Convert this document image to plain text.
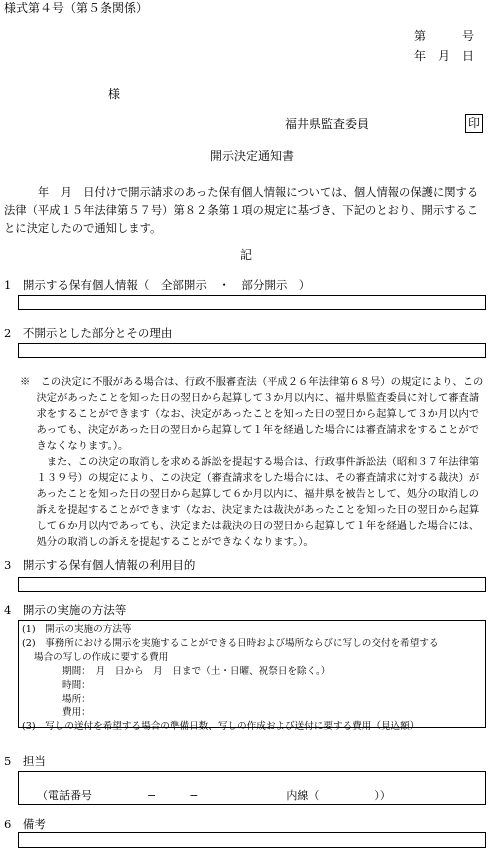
様式第４号（第５条関係）
第　　　号
年　月　日
様
福井県監査委員	印
開示決定通知書
年　月　日付けで開示請求のあった保有個人情報については、個人情報の保護に関する法律（平成１５年法律第５７号）第８２条第１項の規定に基づき、下記のとおり、開示することに決定したので通知します。
記
1　開示する保有個人情報（　全部開示　・　部分開示　）
2　不開示とした部分とその理由

※　 この決定に不服がある場合は、行政不服審査法（平成２６年法律第６８号）の規定により、この決定があったことを知った日の翌日から起算して３か月以内に、福井県監査委員に対して審査請求をすることができます（なお、決定があったことを知った日の翌日から起算して３か月以内であっても、決定があった日の翌日から起算して１年を経過した場合には審査請求をすることができなくなります。）。

また、この決定の取消しを求める訴訟を提起する場合は、行政事件訴訟法（昭和３７年法律第１３９号）の規定により、この決定（審査請求をした場合には、その審査請求に対する裁決）があったことを知った日の翌日から起算して６か月以内に、福井県を被告として、処分の取消しの訴えを提起することができます（なお、決定または裁決があったことを知った日の翌日から起算して６か月以内であっても、決定または裁決の日の翌日から起算して１年を経過した場合には、処分の取消しの訴えを提起することができなくなります。）。

3　開示する保有個人情報の利用目的
4　開示の実施の方法等
(1)　開示の実施の方法等
(2)　事務所における開示を実施することができる日時および場所ならびに写しの交付を希望する
場合の写しの作成に要する費用
期間：　月　日から　月　日まで（土・日曜、祝祭日を除く。）
時間：
場所：
費用：
(3)　写しの送付を希望する場合の準備日数、写しの作成および送付に要する費用（見込額）
5　担当
（電話番号　　　　　−　　　−　　　　　　　　内線（　　　　　））
6　備考
